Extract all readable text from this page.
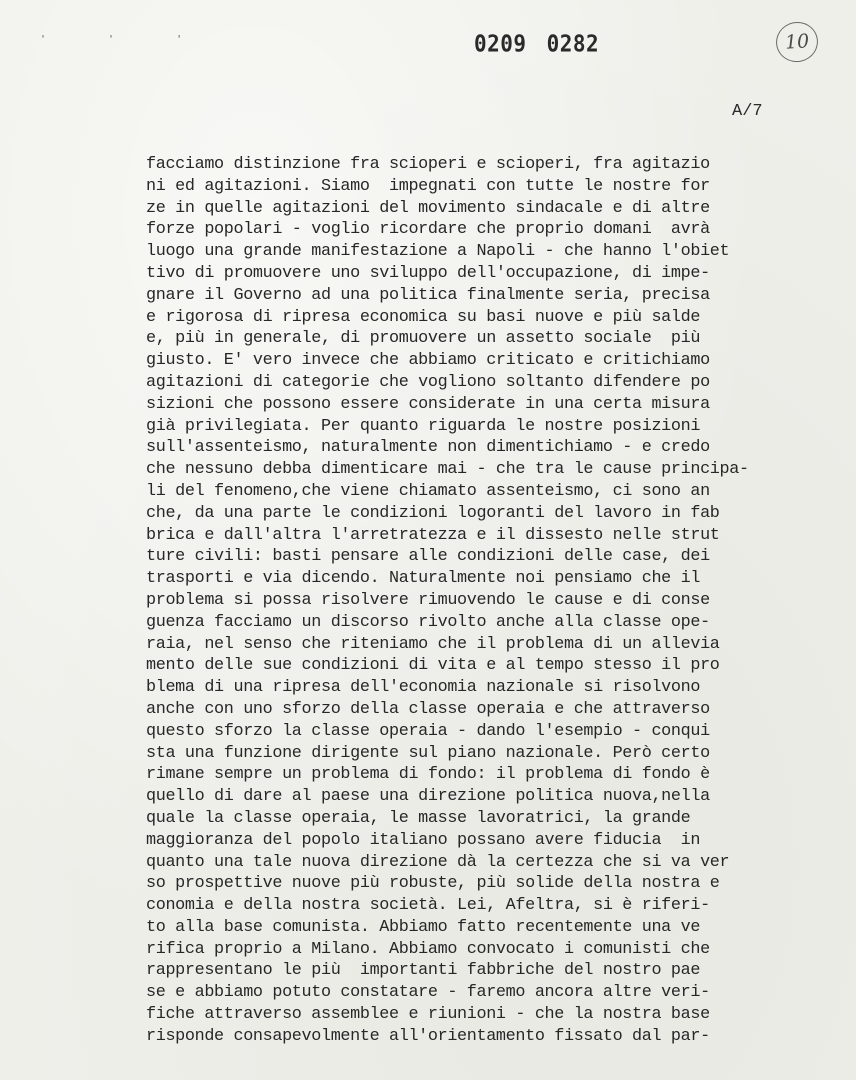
' ' '	0209 0282	10
A/7
facciamo distinzione fra scioperi e scioperi, fra agitazio
ni ed agitazioni. Siamo  impegnati con tutte le nostre for
ze in quelle agitazioni del movimento sindacale e di altre
forze popolari - voglio ricordare che proprio domani  avrà
luogo una grande manifestazione a Napoli - che hanno l'obiet
tivo di promuovere uno sviluppo dell'occupazione, di impe-
gnare il Governo ad una politica finalmente seria, precisa
e rigorosa di ripresa economica su basi nuove e più salde
e, più in generale, di promuovere un assetto sociale  più
giusto. E' vero invece che abbiamo criticato e critichiamo
agitazioni di categorie che vogliono soltanto difendere po
sizioni che possono essere considerate in una certa misura
già privilegiata. Per quanto riguarda le nostre posizioni
sull'assenteismo, naturalmente non dimentichiamo - e credo
che nessuno debba dimenticare mai - che tra le cause principa-
li del fenomeno,che viene chiamato assenteismo, ci sono an
che, da una parte le condizioni logoranti del lavoro in fab
brica e dall'altra l'arretratezza e il dissesto nelle strut
ture civili: basti pensare alle condizioni delle case, dei
trasporti e via dicendo. Naturalmente noi pensiamo che il
problema si possa risolvere rimuovendo le cause e di conse
guenza facciamo un discorso rivolto anche alla classe ope-
raia, nel senso che riteniamo che il problema di un allevia
mento delle sue condizioni di vita e al tempo stesso il pro
blema di una ripresa dell'economia nazionale si risolvono
anche con uno sforzo della classe operaia e che attraverso
questo sforzo la classe operaia - dando l'esempio - conqui
sta una funzione dirigente sul piano nazionale. Però certo
rimane sempre un problema di fondo: il problema di fondo è
quello di dare al paese una direzione politica nuova,nella
quale la classe operaia, le masse lavoratrici, la grande
maggioranza del popolo italiano possano avere fiducia  in
quanto una tale nuova direzione dà la certezza che si va ver
so prospettive nuove più robuste, più solide della nostra e
conomia e della nostra società. Lei, Afeltra, si è riferi-
to alla base comunista. Abbiamo fatto recentemente una ve
rifica proprio a Milano. Abbiamo convocato i comunisti che
rappresentano le più  importanti fabbriche del nostro pae
se e abbiamo potuto constatare - faremo ancora altre veri-
fiche attraverso assemblee e riunioni - che la nostra base
risponde consapevolmente all'orientamento fissato dal par-
